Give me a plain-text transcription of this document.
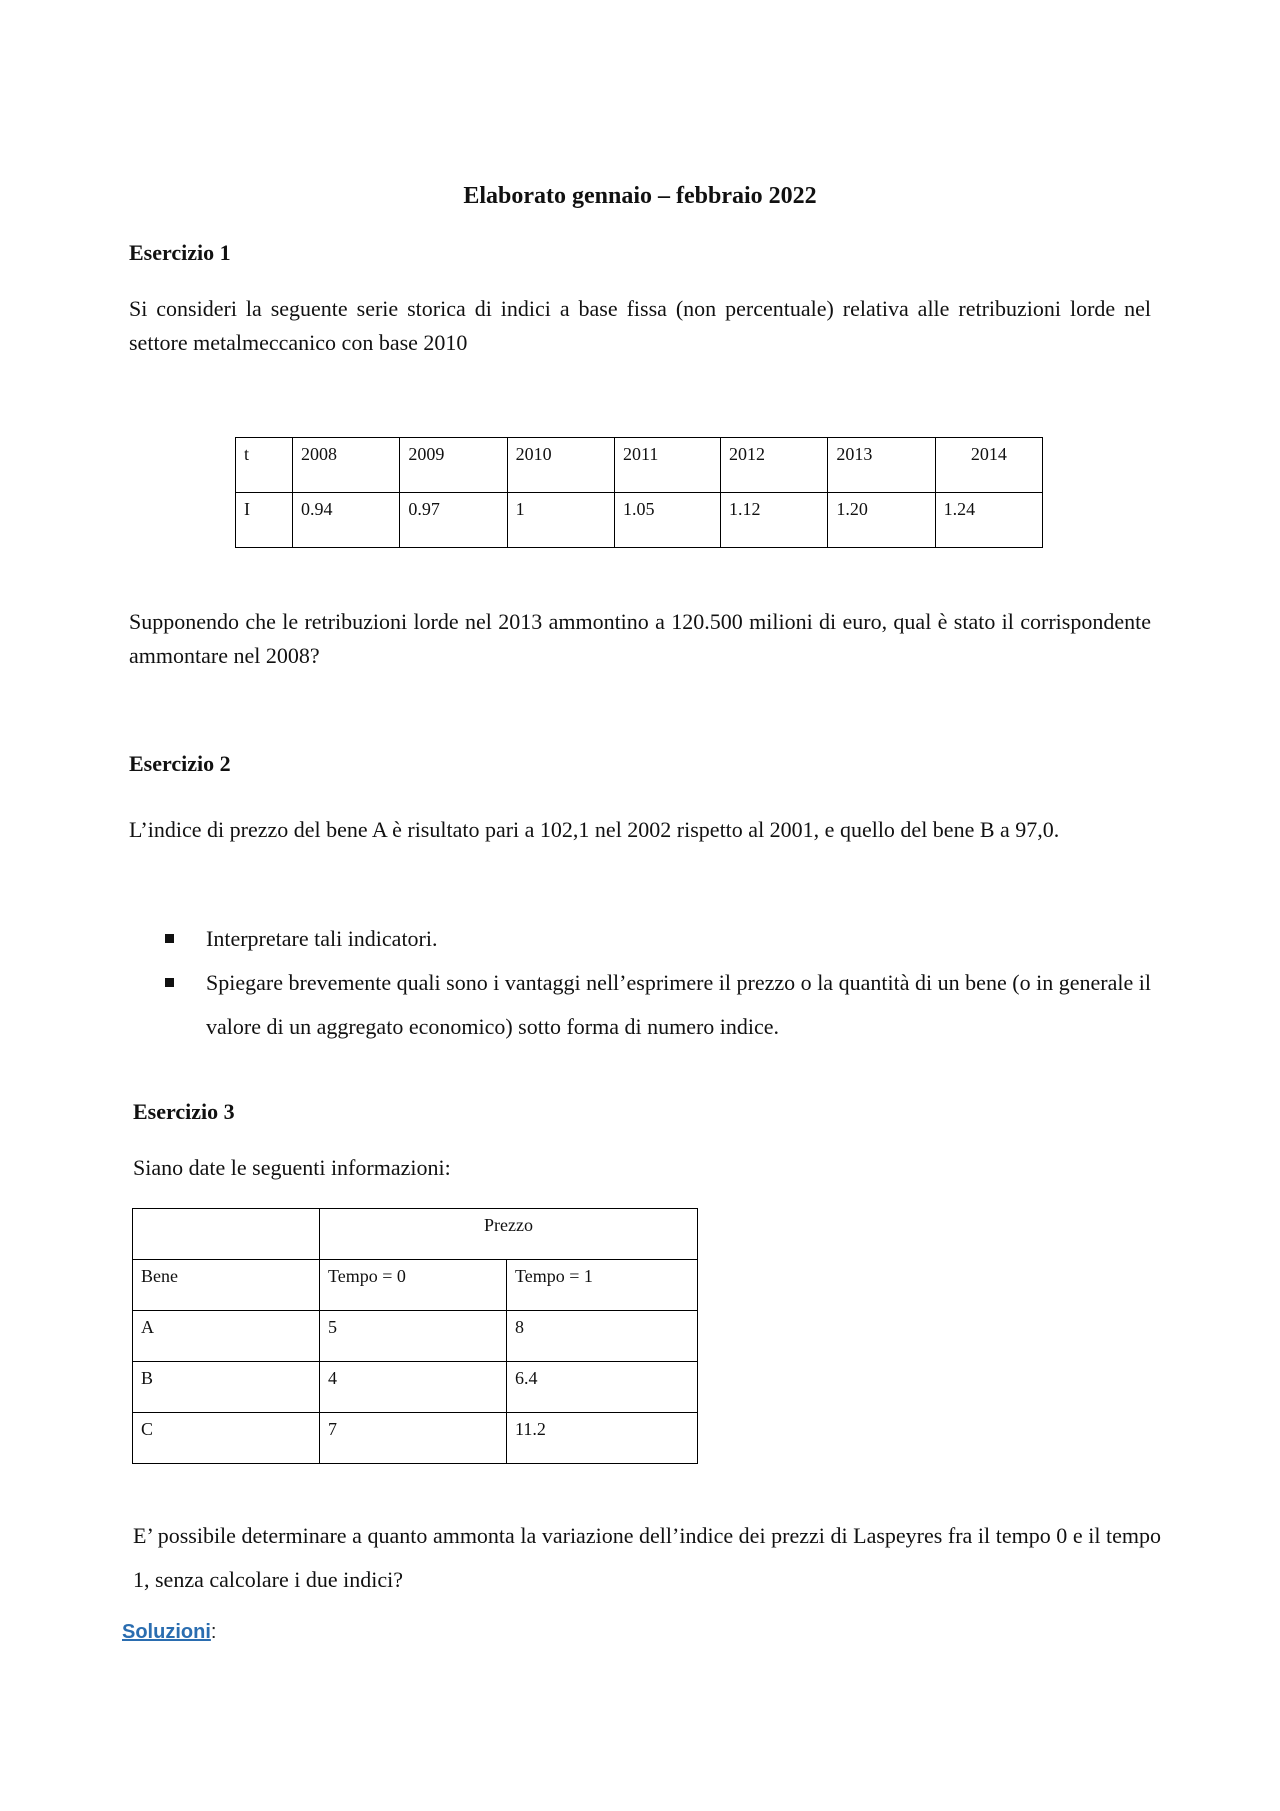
Elaborato gennaio – febbraio 2022
Esercizio 1
Si consideri la seguente serie storica di indici a base fissa (non percentuale) relativa alle retribuzioni lorde nel settore metalmeccanico con base 2010
t	2008	2009	2010	2011	2012	2013	2014
I	0.94	0.97	1	1.05	1.12	1.20	1.24
Supponendo che le retribuzioni lorde nel 2013 ammontino a 120.500 milioni di euro, qual è stato il corrispondente ammontare nel 2008?
Esercizio 2
L’indice di prezzo del bene A è risultato pari a 102,1 nel 2002 rispetto al 2001, e quello del bene B a 97,0.
Interpretare tali indicatori.
Spiegare brevemente quali sono i vantaggi nell’esprimere il prezzo o la quantità di un bene (o in generale il valore di un aggregato economico) sotto forma di numero indice.
Esercizio 3
Siano date le seguenti informazioni:
	Prezzo	
Bene	Tempo = 0	Tempo = 1
A	5	8
B	4	6.4
C	7	11.2
E’ possibile determinare a quanto ammonta la variazione dell’indice dei prezzi di Laspeyres fra il tempo 0 e il tempo 1, senza calcolare i due indici?
Soluzioni:
